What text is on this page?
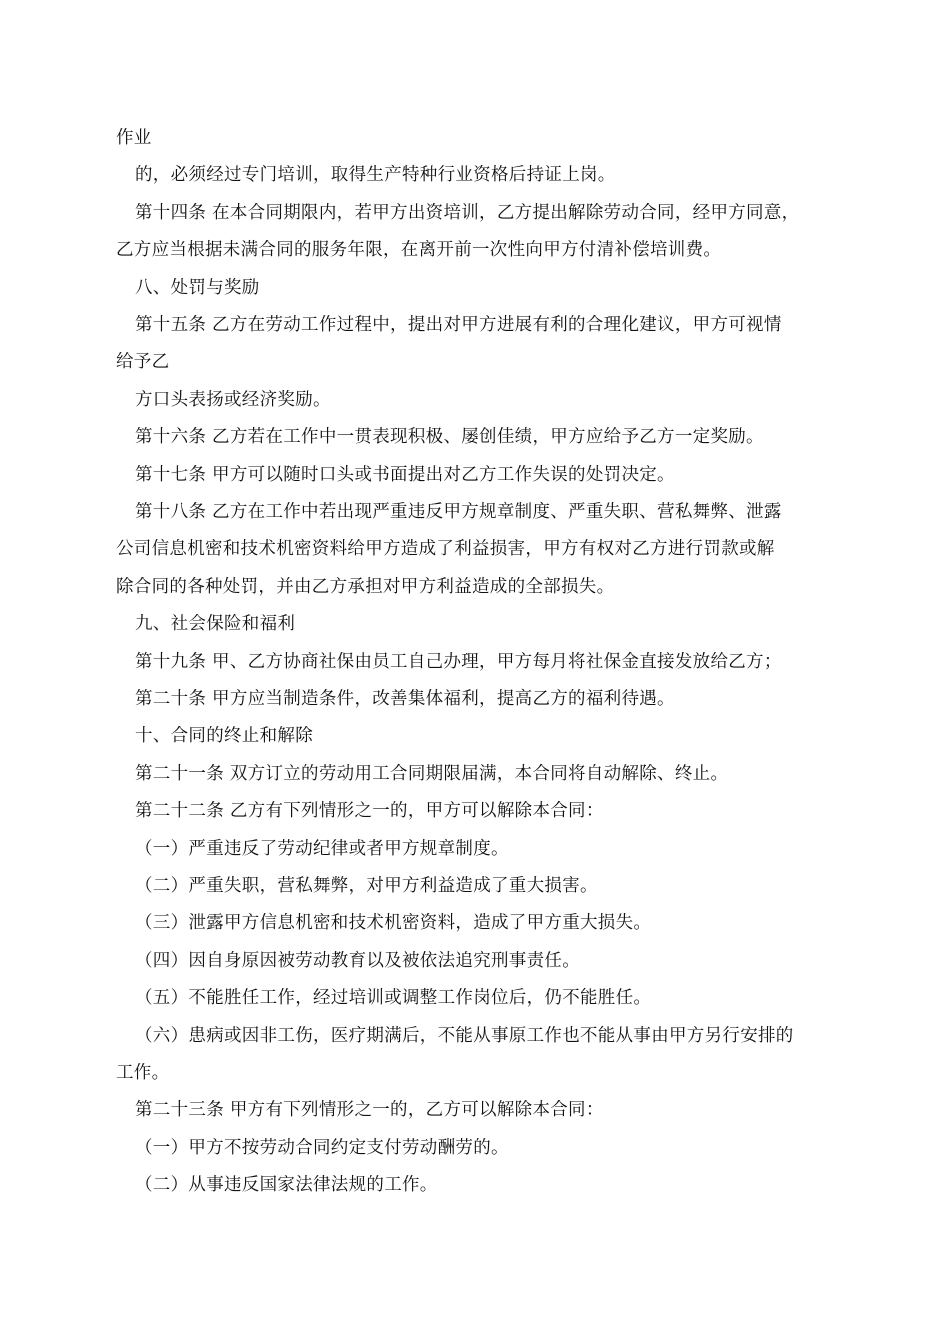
作业
的，必须经过专门培训，取得生产特种行业资格后持证上岗。
第十四条 在本合同期限内，若甲方出资培训，乙方提出解除劳动合同，经甲方同意，
乙方应当根据未满合同的服务年限，在离开前一次性向甲方付清补偿培训费。
八、处罚与奖励
第十五条 乙方在劳动工作过程中，提出对甲方进展有利的合理化建议，甲方可视情
给予乙
方口头表扬或经济奖励。
第十六条 乙方若在工作中一贯表现积极、屡创佳绩，甲方应给予乙方一定奖励。
第十七条 甲方可以随时口头或书面提出对乙方工作失误的处罚决定。
第十八条 乙方在工作中若出现严重违反甲方规章制度、严重失职、营私舞弊、泄露
公司信息机密和技术机密资料给甲方造成了利益损害，甲方有权对乙方进行罚款或解
除合同的各种处罚，并由乙方承担对甲方利益造成的全部损失。
九、社会保险和福利
第十九条 甲、乙方协商社保由员工自己办理，甲方每月将社保金直接发放给乙方；
第二十条 甲方应当制造条件，改善集体福利，提高乙方的福利待遇。
十、合同的终止和解除
第二十一条 双方订立的劳动用工合同期限届满，本合同将自动解除、终止。
第二十二条 乙方有下列情形之一的，甲方可以解除本合同：
（一）严重违反了劳动纪律或者甲方规章制度。
（二）严重失职，营私舞弊，对甲方利益造成了重大损害。
（三）泄露甲方信息机密和技术机密资料，造成了甲方重大损失。
（四）因自身原因被劳动教育以及被依法追究刑事责任。
（五）不能胜任工作，经过培训或调整工作岗位后，仍不能胜任。
（六）患病或因非工伤，医疗期满后，不能从事原工作也不能从事由甲方另行安排的
工作。
第二十三条 甲方有下列情形之一的，乙方可以解除本合同：
（一）甲方不按劳动合同约定支付劳动酬劳的。
（二）从事违反国家法律法规的工作。
